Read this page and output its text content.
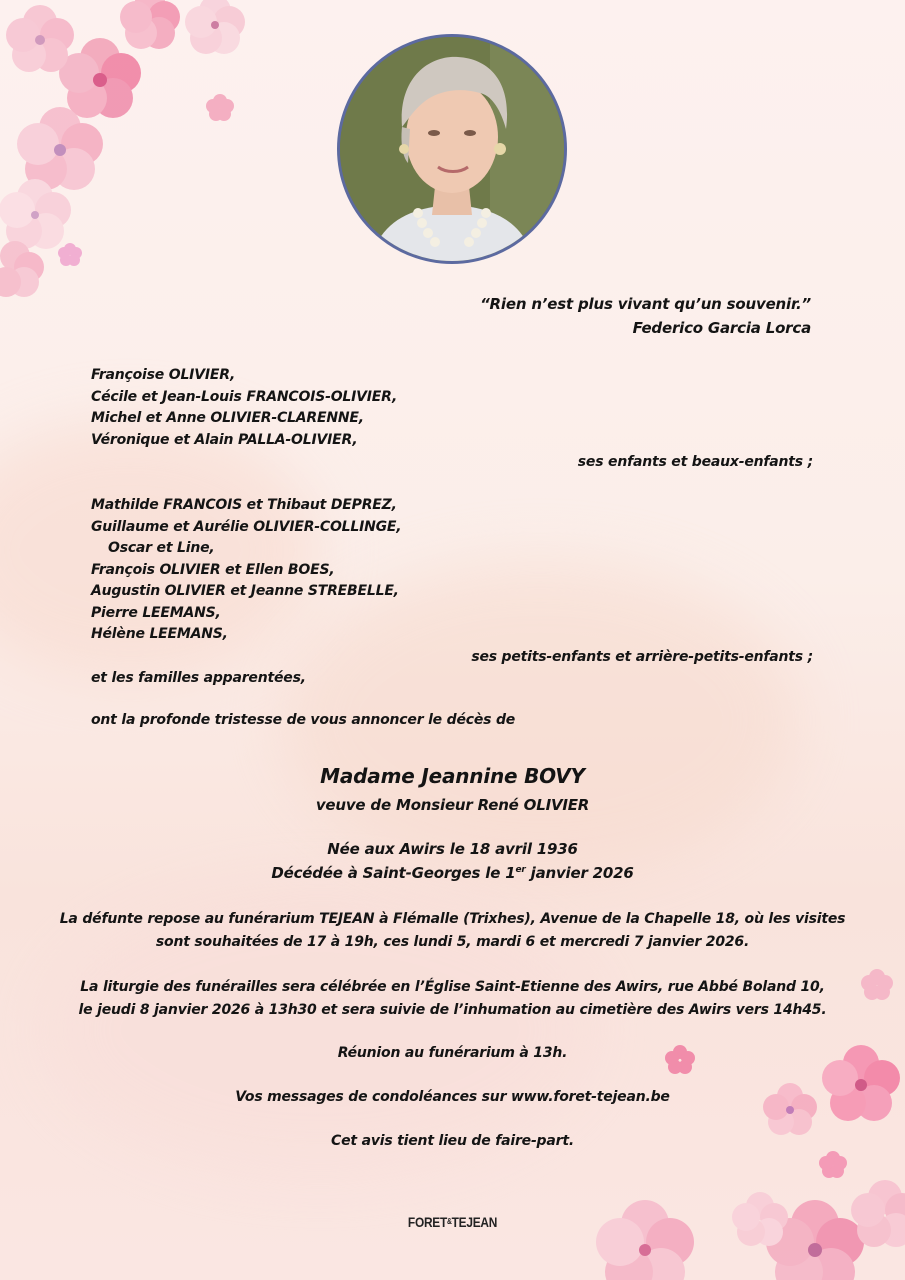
“Rien n’est plus vivant qu’un souvenir.”
Federico Garcia Lorca
Françoise OLIVIER,
Cécile et Jean-Louis FRANCOIS-OLIVIER,
Michel et Anne OLIVIER-CLARENNE,
Véronique et Alain PALLA-OLIVIER,
ses enfants et beaux-enfants ;
Mathilde FRANCOIS et Thibaut DEPREZ,
Guillaume et Aurélie OLIVIER-COLLINGE,
Oscar et Line,
François OLIVIER et Ellen BOES,
Augustin OLIVIER et Jeanne STREBELLE,
Pierre LEEMANS,
Hélène LEEMANS,
ses petits-enfants et arrière-petits-enfants ;
et les familles apparentées,
ont la profonde tristesse de vous annoncer le décès de
Madame Jeannine BOVY
veuve de Monsieur René OLIVIER
Née aux Awirs le 18 avril 1936
Décédée à Saint-Georges le 1er janvier 2026
La défunte repose au funérarium TEJEAN à Flémalle (Trixhes), Avenue de la Chapelle 18, où les visites
sont souhaitées de 17 à 19h, ces lundi 5, mardi 6 et mercredi 7 janvier 2026.
La liturgie des funérailles sera célébrée en l’Église Saint-Etienne des Awirs, rue Abbé Boland 10,
le jeudi 8 janvier 2026 à 13h30 et sera suivie de l’inhumation au cimetière des Awirs vers 14h45.
Réunion au funérarium à 13h.
Vos messages de condoléances sur www.foret-tejean.be
Cet avis tient lieu de faire-part.
FORET&TEJEAN
